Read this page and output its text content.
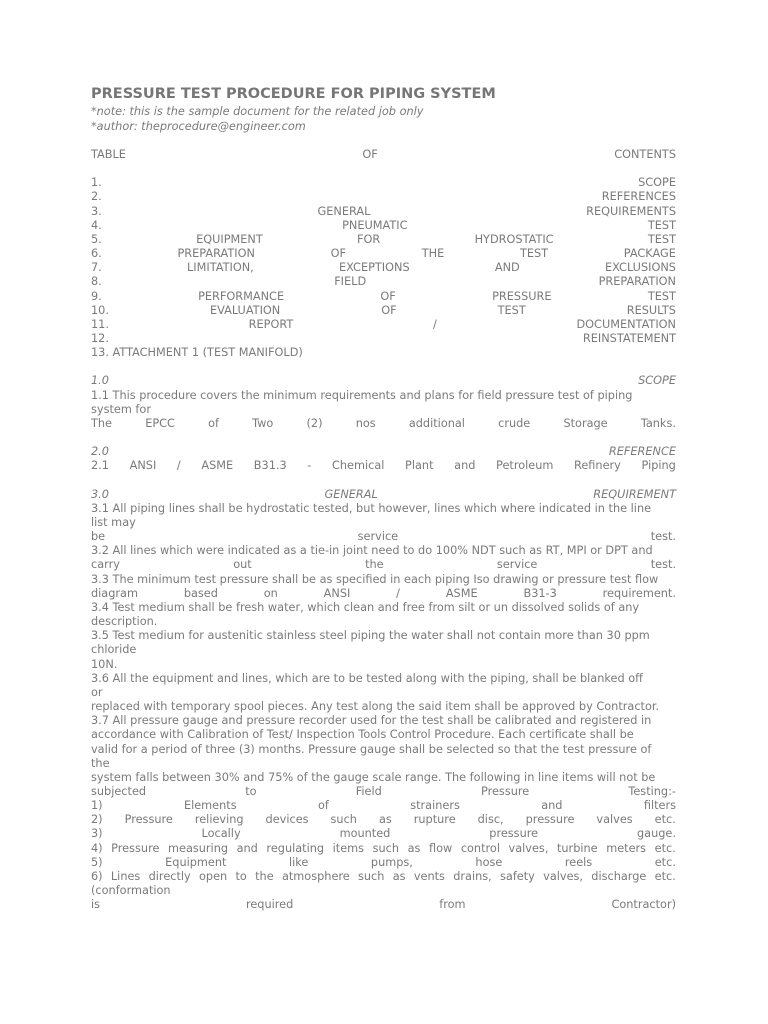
PRESSURE TEST PROCEDURE FOR PIPING SYSTEM
*note: this is the sample document for the related job only
*author: theprocedure@engineer.com
TABLE	OF	CONTENTS
1.	SCOPE
2.	REFERENCES
3.	GENERAL	REQUIREMENTS
4.	PNEUMATIC	TEST
5.	EQUIPMENT	FOR	HYDROSTATIC	TEST
6.	PREPARATION	OF	THE	TEST	PACKAGE
7.	LIMITATION,	EXCEPTIONS	AND	EXCLUSIONS
8.	FIELD	PREPARATION
9.	PERFORMANCE	OF	PRESSURE	TEST
10.	EVALUATION	OF	TEST	RESULTS
11.	REPORT	/	DOCUMENTATION
12.	REINSTATEMENT
13. ATTACHMENT 1 (TEST MANIFOLD)
1.0	SCOPE
1.1 This procedure covers the minimum requirements and plans for field pressure test of piping
system for
The	EPCC	of	Two	(2)	nos	additional	crude	Storage	Tanks.
2.0	REFERENCE
2.1 ANSI / ASME B31.3 - Chemical Plant and Petroleum Refinery Piping
3.0	GENERAL	REQUIREMENT
3.1 All piping lines shall be hydrostatic tested, but however, lines which where indicated in the line
list may
be	service	test.
3.2 All lines which were indicated as a tie-in joint need to do 100% NDT such as RT, MPI or DPT and
carry	out	the	service	test.
3.3 The minimum test pressure shall be as specified in each piping Iso drawing or pressure test flow
diagram	based	on	ANSI	/	ASME	B31-3	requirement.
3.4 Test medium shall be fresh water, which clean and free from silt or un dissolved solids of any
description.
3.5 Test medium for austenitic stainless steel piping the water shall not contain more than 30 ppm
chloride
10N.
3.6 All the equipment and lines, which are to be tested along with the piping, shall be blanked off
or
replaced with temporary spool pieces. Any test along the said item shall be approved by Contractor.
3.7 All pressure gauge and pressure recorder used for the test shall be calibrated and registered in
accordance with Calibration of Test/ Inspection Tools Control Procedure. Each certificate shall be
valid for a period of three (3) months. Pressure gauge shall be selected so that the test pressure of
the
system falls between 30% and 75% of the gauge scale range. The following in line items will not be
subjected	to	Field	Pressure	Testing:-
1)	Elements	of	strainers	and	filters
2) Pressure relieving devices such as rupture disc, pressure valves etc.
3)	Locally	mounted	pressure	gauge.
4) Pressure measuring and regulating items such as flow control valves, turbine meters etc.
5)	Equipment	like	pumps,	hose	reels	etc.
6) Lines directly open to the atmosphere such as vents drains, safety valves, discharge etc.
(conformation
is	required	from	Contractor)
